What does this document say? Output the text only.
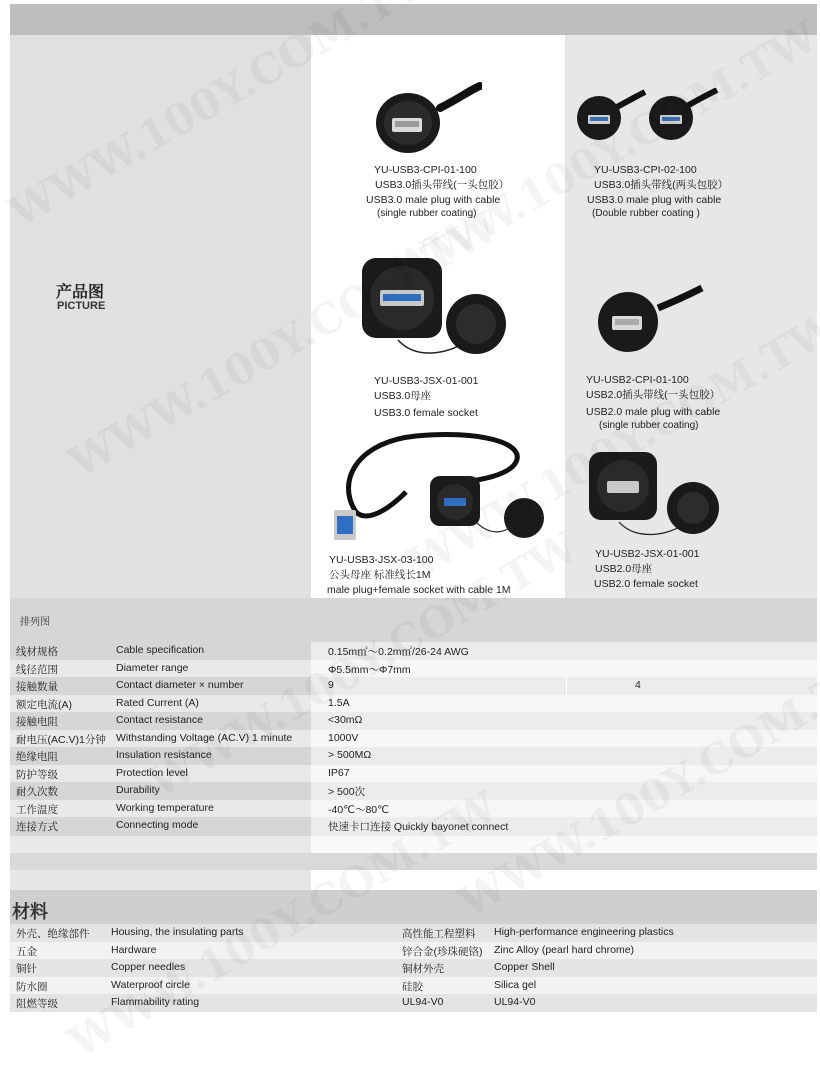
产品图
PICTURE
YU-USB3-CPI-01-100
USB3.0插头带线(一头包胶）
USB3.0 male plug with cable
(single rubber coating)
YU-USB3-CPI-02-100
USB3.0插头带线(两头包胶）
USB3.0 male plug with cable
(Double rubber coating )
YU-USB3-JSX-01-001
USB3.0母座
USB3.0 female socket
YU-USB2-CPI-01-100
USB2.0插头带线(一头包胶）
USB2.0 male plug with cable
(single rubber coating)
YU-USB3-JSX-03-100
公头母座 标准线长1M
male plug+female socket with cable 1M
YU-USB2-JSX-01-001
USB2.0母座
USB2.0 female socket
排列图
线材规格	Cable specification	0.15m㎡～0.2m㎡/26-24 AWG
线径范围	Diameter range	Φ5.5mm～Φ7mm
接触数量	Contact diameter × number	9	4
额定电流(A)	Rated Current (A)	1.5A
接触电阻	Contact resistance	<30mΩ
耐电压(AC.V)1分钟 Withstanding Voltage (AC.V) 1 minute	1000V
绝缘电阻	Insulation resistance	> 500MΩ
防护等级	Protection level	IP67
耐久次数	Durability	> 500次
工作温度	Working temperature	-40℃～80℃
连接方式	Connecting mode	快速卡口连接 Quickly bayonet connect
材料
外壳、绝缘部件 Housing, the insulating parts	高性能工程塑料 High-performance engineering plastics
五金	Hardware	锌合金(珍珠硬铬) Zinc Alloy (pearl hard chrome)
铜针	Copper needles	铜材外壳	Copper Shell
防水圈	Waterproof circle	硅胶	Silica gel
阻燃等级	Flammability rating	UL94-V0	UL94-V0
